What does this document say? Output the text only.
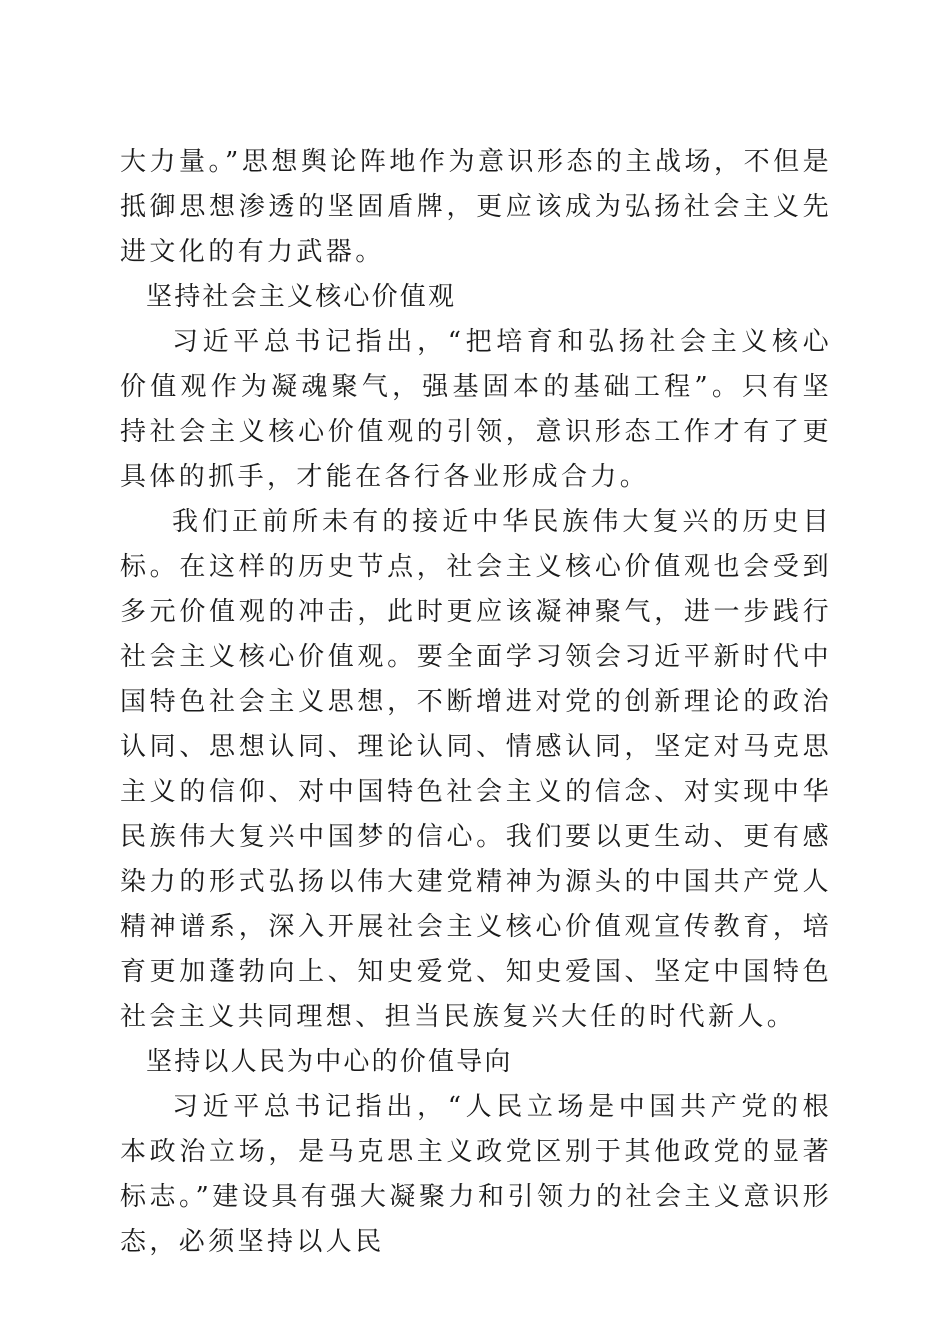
大力量。”思想舆论阵地作为意识形态的主战场，不但是抵御思想渗透的坚固盾牌，更应该成为弘扬社会主义先进文化的有力武器。

坚持社会主义核心价值观

习近平总书记指出，“把培育和弘扬社会主义核心价值观作为凝魂聚气，强基固本的基础工程”。只有坚持社会主义核心价值观的引领，意识形态工作才有了更具体的抓手，才能在各行各业形成合力。

我们正前所未有的接近中华民族伟大复兴的历史目标。在这样的历史节点，社会主义核心价值观也会受到多元价值观的冲击，此时更应该凝神聚气，进一步践行社会主义核心价值观。要全面学习领会习近平新时代中国特色社会主义思想，不断增进对党的创新理论的政治认同、思想认同、理论认同、情感认同，坚定对马克思主义的信仰、对中国特色社会主义的信念、对实现中华民族伟大复兴中国梦的信心。我们要以更生动、更有感染力的形式弘扬以伟大建党精神为源头的中国共产党人精神谱系，深入开展社会主义核心价值观宣传教育，培育更加蓬勃向上、知史爱党、知史爱国、坚定中国特色社会主义共同理想、担当民族复兴大任的时代新人。

坚持以人民为中心的价值导向

习近平总书记指出，“人民立场是中国共产党的根本政治立场，是马克思主义政党区别于其他政党的显著标志。”建设具有强大凝聚力和引领力的社会主义意识形态，必须坚持以人民
